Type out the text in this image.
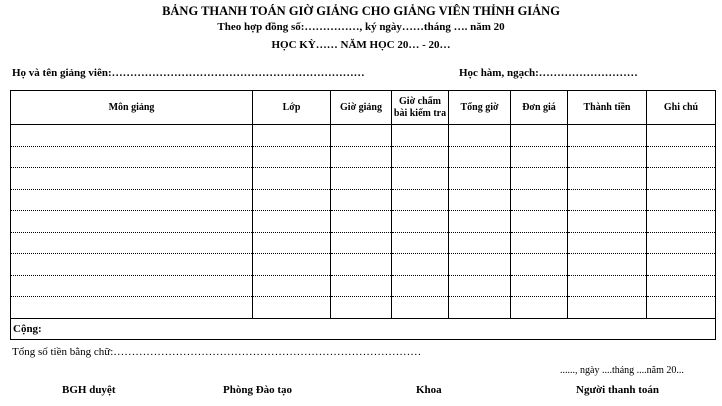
BẢNG THANH TOÁN GIỜ GIẢNG CHO GIẢNG VIÊN THỈNH GIẢNG
Theo hợp đồng số:……………, ký ngày……tháng …. năm 20
HỌC KỲ…… NĂM HỌC 20… - 20…
Họ và tên giảng viên:……………………………………………………………	Học hàm, ngạch:………………………
Môn giảng	Lớp	Giờ giảng	Giờ chấm bài kiểm tra	Tổng giờ	Đơn giá	Thành tiền	Ghi chú

Cộng:							
Tổng số tiền bằng chữ:…………………………………………………………………………
......, ngày ....tháng ....năm 20...
BGH duyệt	Phòng Đào tạo	Khoa	Người thanh toán
